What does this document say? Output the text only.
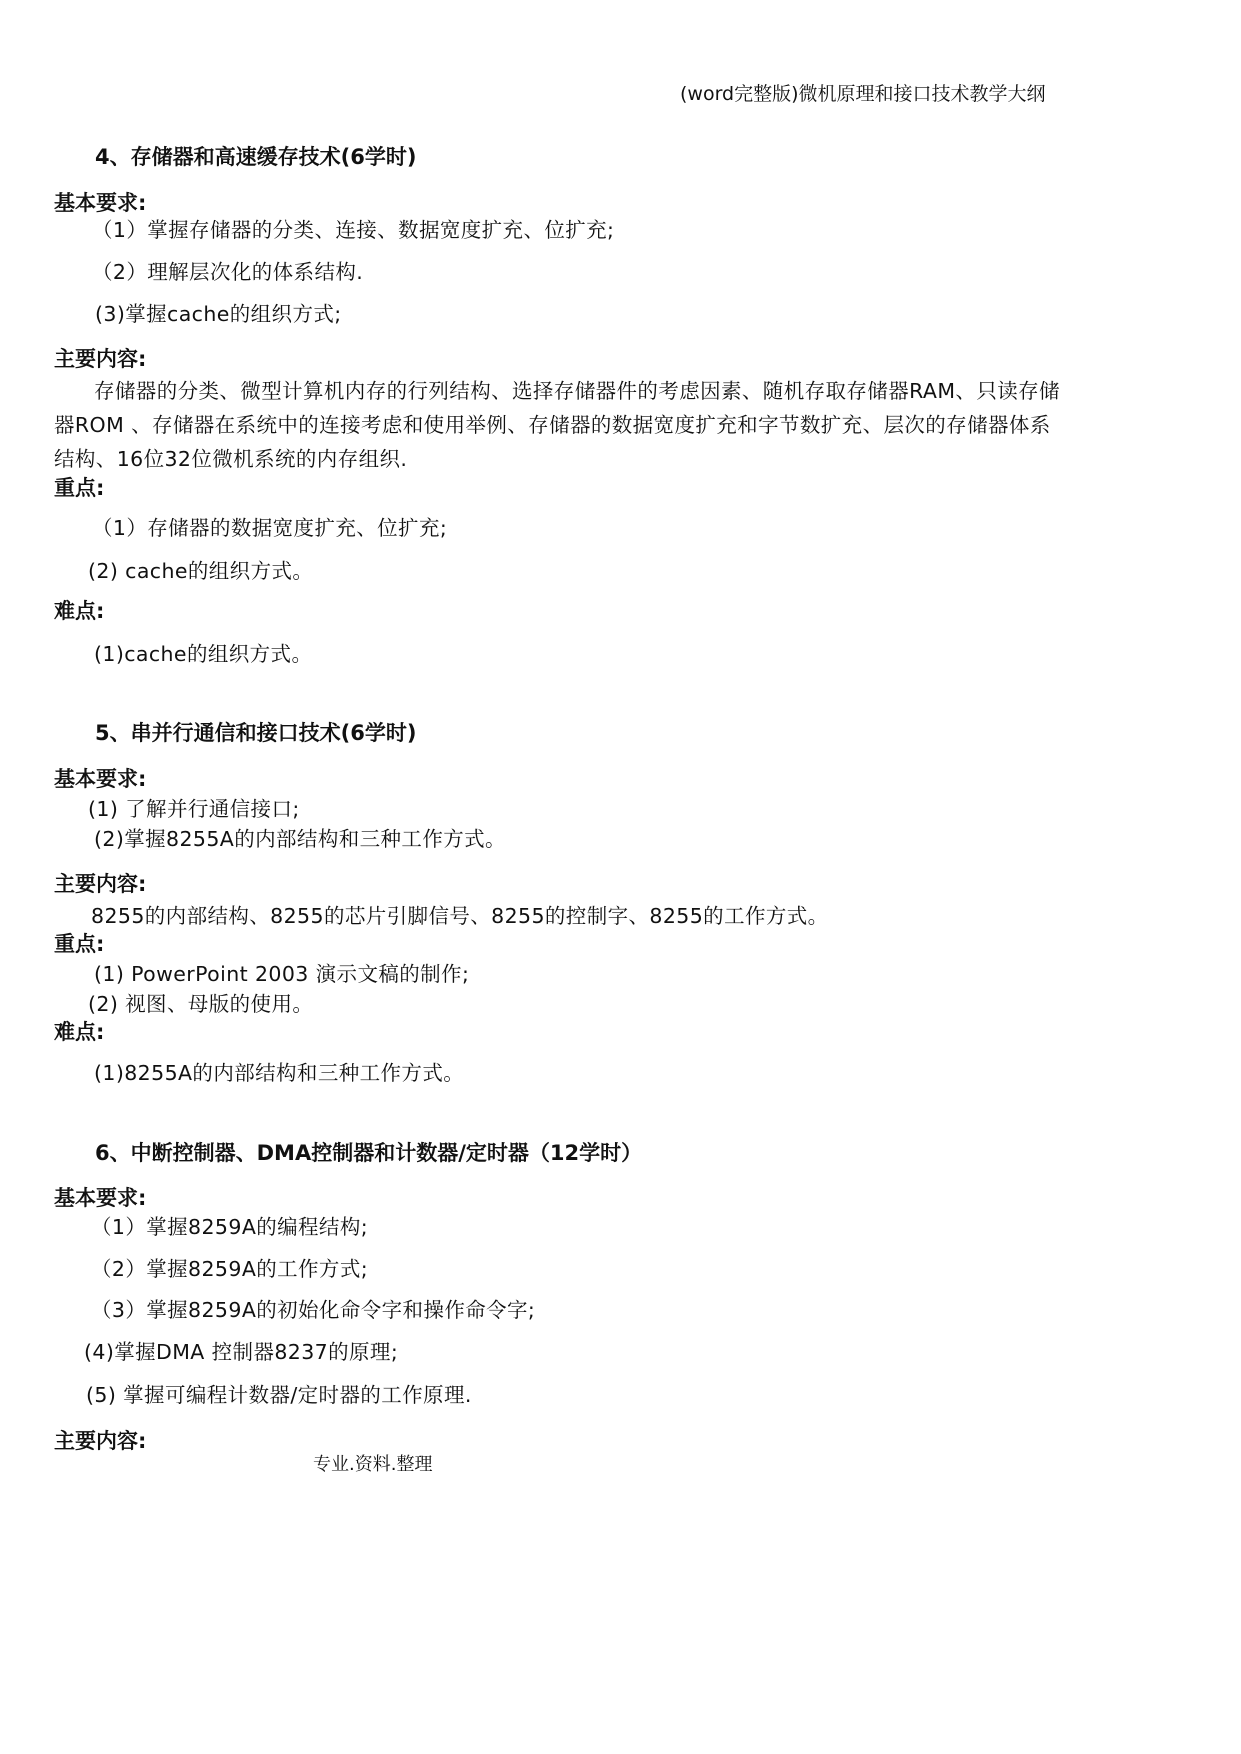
(word完整版)微机原理和接口技术教学大纲
4、存储器和高速缓存技术(6学时)
基本要求:
（1）掌握存储器的分类、连接、数据宽度扩充、位扩充;
（2）理解层次化的体系结构.
(3)掌握cache的组织方式;
主要内容:
存储器的分类、微型计算机内存的行列结构、选择存储器件的考虑因素、随机存取存储器RAM、只读存储
器ROM 、存储器在系统中的连接考虑和使用举例、存储器的数据宽度扩充和字节数扩充、层次的存储器体系
结构、16位32位微机系统的内存组织.
重点:
（1）存储器的数据宽度扩充、位扩充;
(2) cache的组织方式。
难点:
(1)cache的组织方式。
5、串并行通信和接口技术(6学时)
基本要求:
(1) 了解并行通信接口;
(2)掌握8255A的内部结构和三种工作方式。
主要内容:
8255的内部结构、8255的芯片引脚信号、8255的控制字、8255的工作方式。
重点:
(1) PowerPoint 2003 演示文稿的制作;
(2) 视图、母版的使用。
难点:
(1)8255A的内部结构和三种工作方式。
6、中断控制器、DMA控制器和计数器/定时器（12学时）
基本要求:
（1）掌握8259A的编程结构;
（2）掌握8259A的工作方式;
（3）掌握8259A的初始化命令字和操作命令字;
(4)掌握DMA 控制器8237的原理;
(5) 掌握可编程计数器/定时器的工作原理.
主要内容:
专业.资料.整理
